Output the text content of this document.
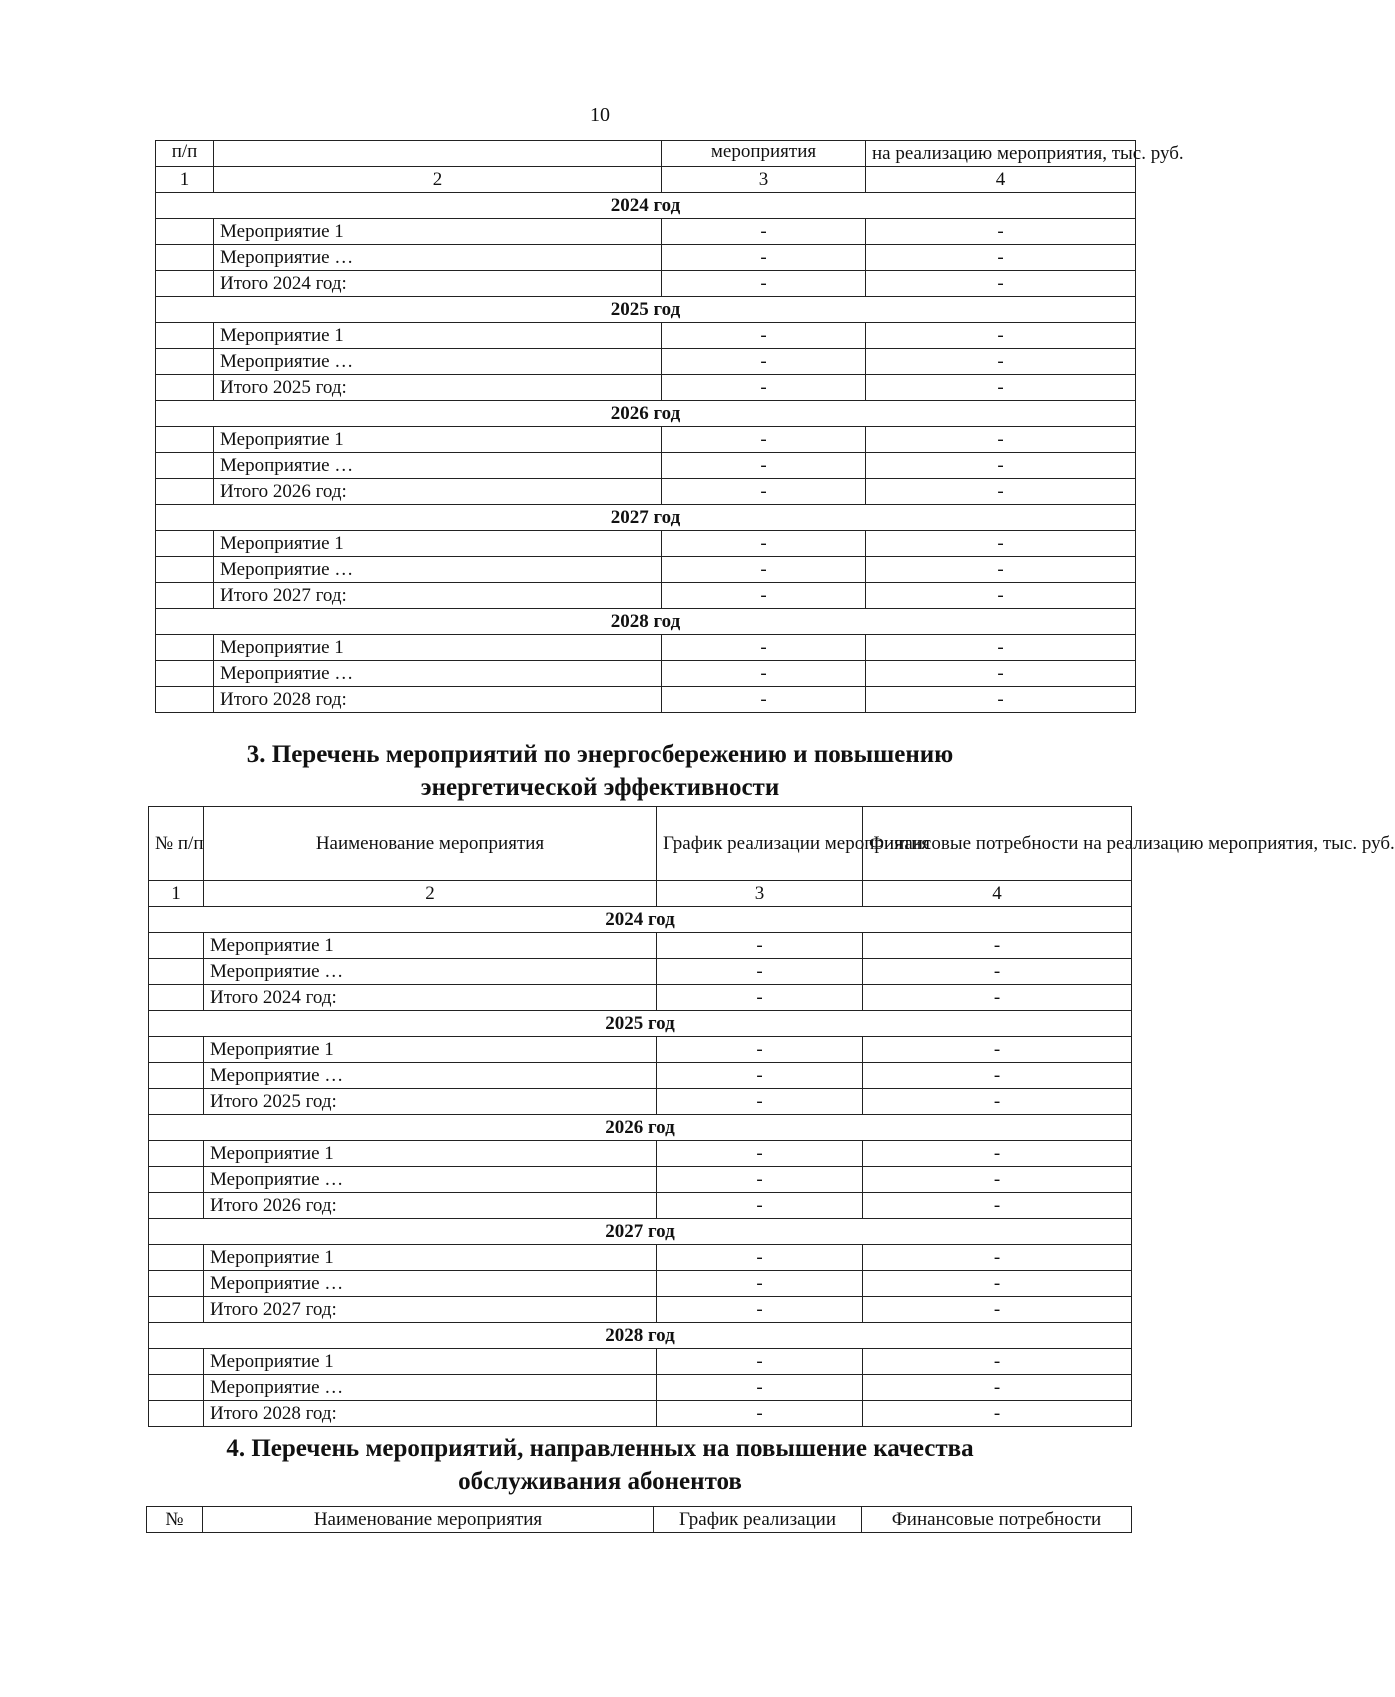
10
п/п		мероприятия	на реализацию мероприятия, тыс. руб.
1	2	3	4
2024 год			
	Мероприятие 1	-	-
	Мероприятие …	-	-
	Итого 2024 год:	-	-
2025 год			
	Мероприятие 1	-	-
	Мероприятие …	-	-
	Итого 2025 год:	-	-
2026 год			
	Мероприятие 1	-	-
	Мероприятие …	-	-
	Итого 2026 год:	-	-
2027 год			
	Мероприятие 1	-	-
	Мероприятие …	-	-
	Итого 2027 год:	-	-
2028 год			
	Мероприятие 1	-	-
	Мероприятие …	-	-
	Итого 2028 год:	-	-
3. Перечень мероприятий по энергосбережению и повышению
энергетической эффективности
№ п/п	Наименование мероприятия	График реализации мероприятия	Финансовые потребности на реализацию мероприятия, тыс. руб.
1	2	3	4
2024 год			
	Мероприятие 1	-	-
	Мероприятие …	-	-
	Итого 2024 год:	-	-
2025 год			
	Мероприятие 1	-	-
	Мероприятие …	-	-
	Итого 2025 год:	-	-
2026 год			
	Мероприятие 1	-	-
	Мероприятие …	-	-
	Итого 2026 год:	-	-
2027 год			
	Мероприятие 1	-	-
	Мероприятие …	-	-
	Итого 2027 год:	-	-
2028 год			
	Мероприятие 1	-	-
	Мероприятие …	-	-
	Итого 2028 год:	-	-
4. Перечень мероприятий, направленных на повышение качества
обслуживания абонентов
№	Наименование мероприятия	График реализации	Финансовые потребности
